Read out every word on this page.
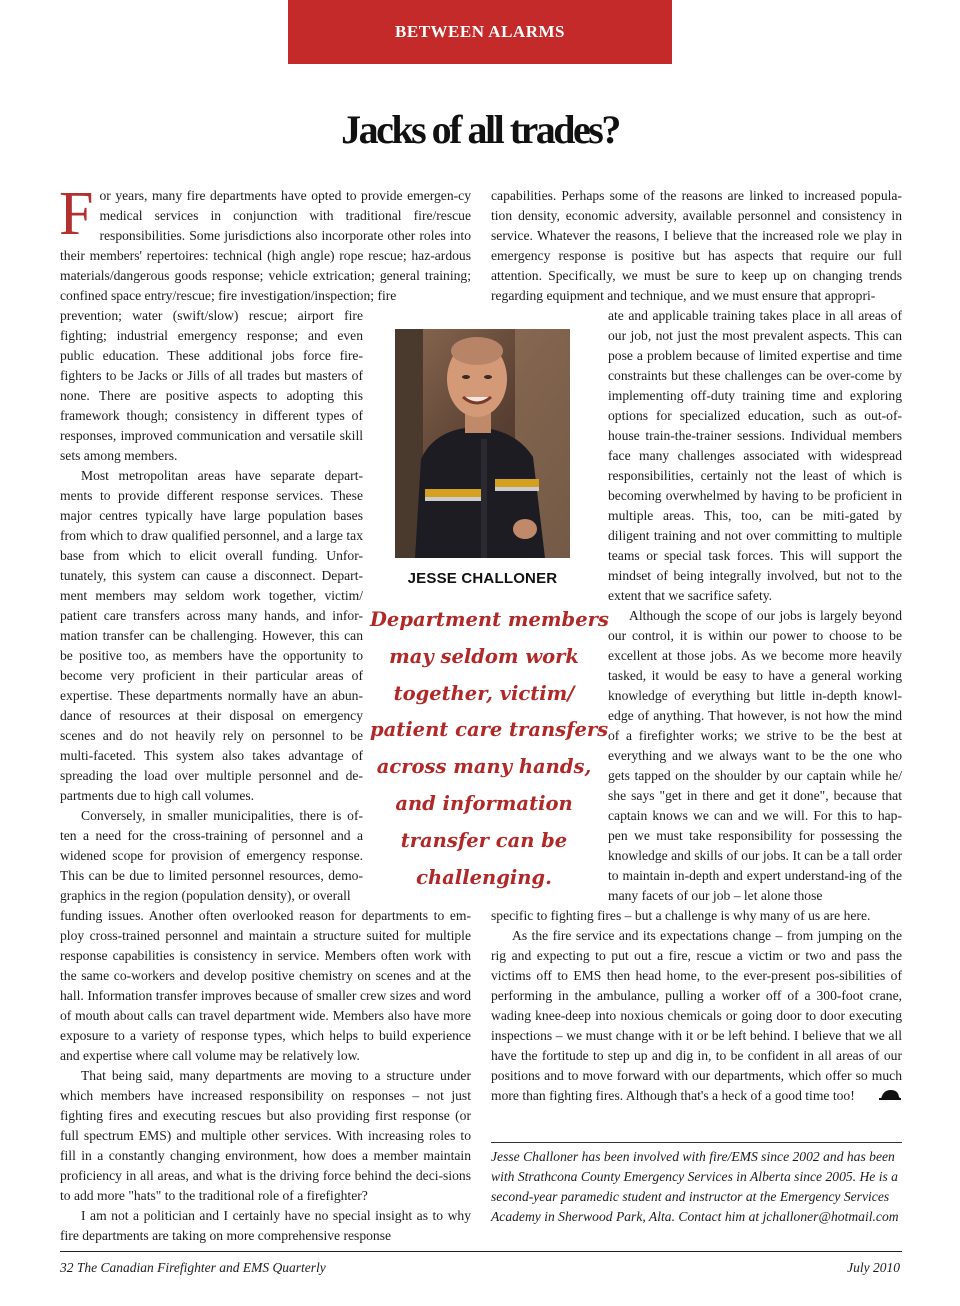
BETWEEN ALARMS
Jacks of all trades?

For years, many fire departments have opted to provide emergen-cy medical services in conjunction with traditional fire/rescue responsibilities. Some jurisdictions also incorporate other roles into their members' repertoires: technical (high angle) rope rescue; haz-ardous materials/dangerous goods response; vehicle extrication; general training; confined space entry/rescue; fire investigation/inspection; fire

prevention; water (swift/slow) rescue; airport fire fighting; industrial emergency response; and even public education. These additional jobs force fire-fighters to be Jacks or Jills of all trades but masters of none. There are positive aspects to adopting this framework though; consistency in different types of responses, improved communication and versatile skill sets among members.

Most metropolitan areas have separate depart-ments to provide different response services. These major centres typically have large population bases from which to draw qualified personnel, and a large tax base from which to elicit overall funding. Unfor-tunately, this system can cause a disconnect. Depart-ment members may seldom work together, victim/ patient care transfers across many hands, and infor-mation transfer can be challenging. However, this can be positive too, as members have the opportunity to become very proficient in their particular areas of expertise. These departments normally have an abun-dance of resources at their disposal on emergency scenes and do not heavily rely on personnel to be multi-faceted. This system also takes advantage of spreading the load over multiple personnel and de-partments due to high call volumes.

Conversely, in smaller municipalities, there is of-ten a need for the cross-training of personnel and a widened scope for provision of emergency response. This can be due to limited personnel resources, demo-graphics in the region (population density), or overall

funding issues. Another often overlooked reason for departments to em-ploy cross-trained personnel and maintain a structure suited for multiple response capabilities is consistency in service. Members often work with the same co-workers and develop positive chemistry on scenes and at the hall. Information transfer improves because of smaller crew sizes and word of mouth about calls can travel department wide. Members also have more exposure to a variety of response types, which helps to build experience and expertise where call volume may be relatively low.

That being said, many departments are moving to a structure under which members have increased responsibility on responses – not just fighting fires and executing rescues but also providing first response (or full spectrum EMS) and multiple other services. With increasing roles to fill in a constantly changing environment, how does a member maintain proficiency in all areas, and what is the driving force behind the deci-sions to add more "hats" to the traditional role of a firefighter?

I am not a politician and I certainly have no special insight as to why fire departments are taking on more comprehensive response

JESSE CHALLONER
Department members
may seldom work
together, victim/
patient care transfers
across many hands,
and information
transfer can be
challenging.

capabilities. Perhaps some of the reasons are linked to increased popula-tion density, economic adversity, available personnel and consistency in service. Whatever the reasons, I believe that the increased role we play in emergency response is positive but has aspects that require our full attention. Specifically, we must be sure to keep up on changing trends regarding equipment and technique, and we must ensure that appropri-

ate and applicable training takes place in all areas of our job, not just the most prevalent aspects. This can pose a problem because of limited expertise and time constraints but these challenges can be over-come by implementing off-duty training time and exploring options for specialized education, such as out-of-house train-the-trainer sessions. Individual members face many challenges associated with widespread responsibilities, certainly not the least of which is becoming overwhelmed by having to be proficient in multiple areas. This, too, can be miti-gated by diligent training and not over committing to multiple teams or special task forces. This will support the mindset of being integrally involved, but not to the extent that we sacrifice safety.

Although the scope of our jobs is largely beyond our control, it is within our power to choose to be excellent at those jobs. As we become more heavily tasked, it would be easy to have a general working knowledge of everything but little in-depth knowl-edge of anything. That however, is not how the mind of a firefighter works; we strive to be the best at everything and we always want to be the one who gets tapped on the shoulder by our captain while he/ she says "get in there and get it done", because that captain knows we can and we will. For this to hap-pen we must take responsibility for possessing the knowledge and skills of our jobs. It can be a tall order to maintain in-depth and expert understand-ing of the many facets of our job – let alone those

specific to fighting fires – but a challenge is why many of us are here.

As the fire service and its expectations change – from jumping on the rig and expecting to put out a fire, rescue a victim or two and pass the victims off to EMS then head home, to the ever-present pos-sibilities of performing in the ambulance, pulling a worker off of a 300-foot crane, wading knee-deep into noxious chemicals or going door to door executing inspections – we must change with it or be left behind. I believe that we all have the fortitude to step up and dig in, to be confident in all areas of our positions and to move forward with our departments, which offer so much more than fighting fires. Although that's a heck of a good time too!

Jesse Challoner has been involved with fire/EMS since 2002 and has been with Strathcona County Emergency Services in Alberta since 2005. He is a second-year paramedic student and instructor at the Emergency Services Academy in Sherwood Park, Alta. Contact him at jchalloner@hotmail.com

32 The Canadian Firefighter and EMS Quarterly	July 2010
